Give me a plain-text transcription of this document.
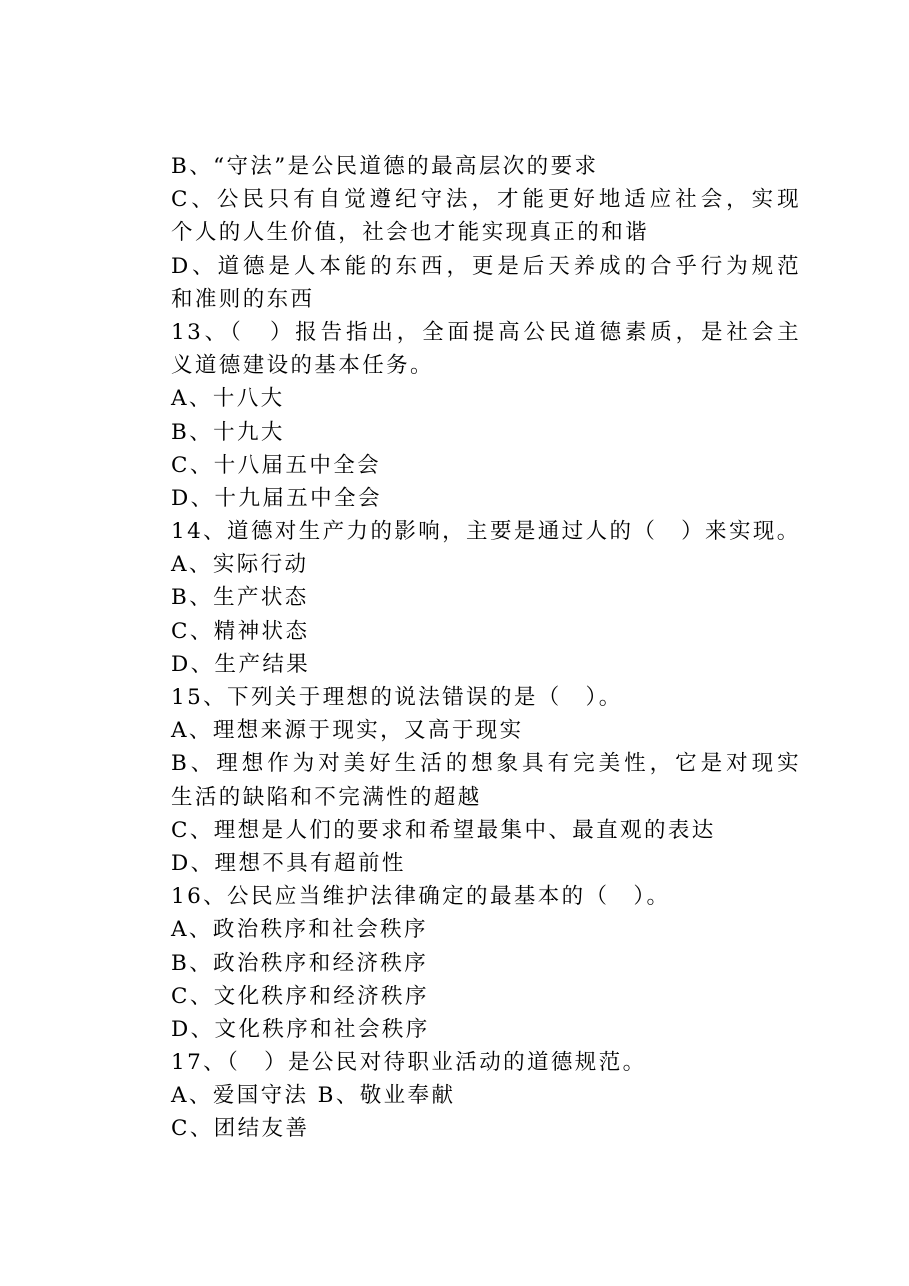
B、“守法”是公民道德的最高层次的要求
C、公民只有自觉遵纪守法，才能更好地适应社会，实现
个人的人生价值，社会也才能实现真正的和谐
D、道德是人本能的东西，更是后天养成的合乎行为规范
和准则的东西
13、（　）报告指出，全面提高公民道德素质，是社会主
义道德建设的基本任务。
A、十八大
B、十九大
C、十八届五中全会
D、十九届五中全会
14、道德对生产力的影响，主要是通过人的（　）来实现。
A、实际行动
B、生产状态
C、精神状态
D、生产结果
15、下列关于理想的说法错误的是（　）。
A、理想来源于现实，又高于现实
B、理想作为对美好生活的想象具有完美性，它是对现实
生活的缺陷和不完满性的超越
C、理想是人们的要求和希望最集中、最直观的表达
D、理想不具有超前性
16、公民应当维护法律确定的最基本的（　）。
A、政治秩序和社会秩序
B、政治秩序和经济秩序
C、文化秩序和经济秩序
D、文化秩序和社会秩序
17、（　）是公民对待职业活动的道德规范。
A、爱国守法 B、敬业奉献
C、团结友善
